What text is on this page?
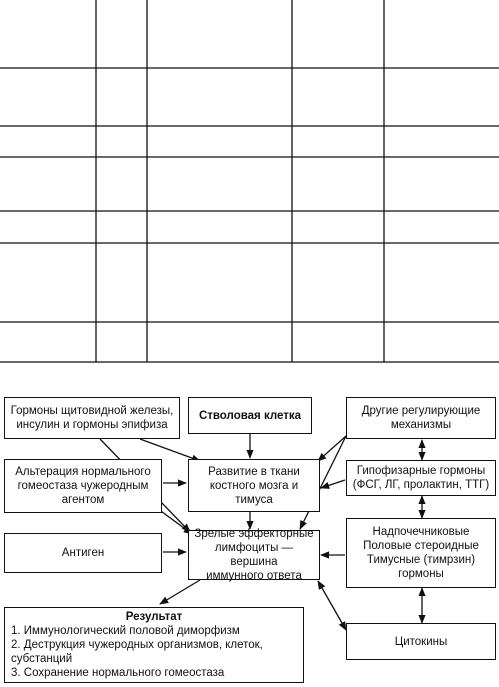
Гормоны щитовидной железы,
инсулин и гормоны эпифиза
Стволовая клетка	Другие регулирующие
механизмы
Альтерация нормального
гомеостаза чужеродным
агентом
Развитие в ткани
костного мозга и
тимуса
Гипофизарные гормоны
(ФСГ, ЛГ, пролактин, ТТГ)
Антиген
Зрелые эффекторные
лимфоциты — вершина
иммунного ответа
Надпочечниковые
Половые стероидные
Тимусные (тимрзин)
гормоны
Цитокины
Результат
1. Иммунологический половой диморфизм
2. Деструкция чужеродных организмов, клеток,
субстанций
3. Сохранение нормального гомеостаза
